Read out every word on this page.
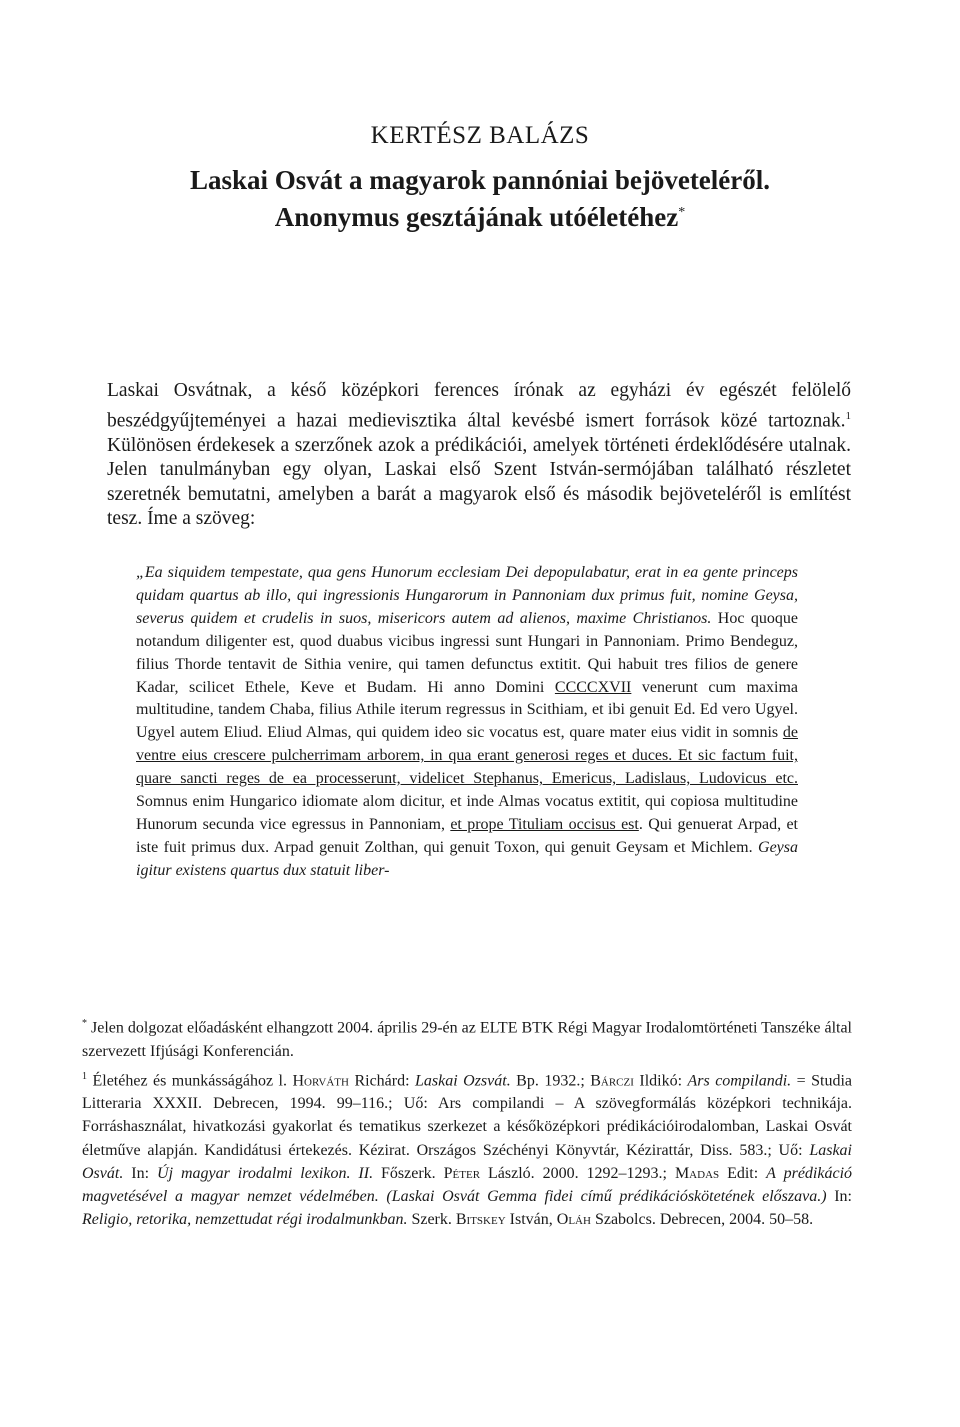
KERTÉSZ BALÁZS
Laskai Osvát a magyarok pannóniai bejöveteléről.
Anonymus gesztájának utóéletéhez*

Laskai Osvátnak, a késő középkori ferences írónak az egyházi év egészét felölelő beszédgyűjteményei a hazai medievisztika által kevésbé ismert források közé tartoznak.$^1$ Különösen érdekesek a szerzőnek azok a prédikációi, amelyek történeti érdeklődésére utalnak. Jelen tanulmányban egy olyan, Laskai első Szent István-sermójában található részletet szeretnék bemutatni, amelyben a barát a magyarok első és második bejöveteléről is említést tesz. Íme a szöveg:

„Ea siquidem tempestate, qua gens Hunorum ecclesiam Dei depopulabatur, erat in ea gente princeps quidam quartus ab illo, qui ingressionis Hungarorum in Pannoniam dux primus fuit, nomine Geysa, severus quidem et crudelis in suos, misericors autem ad alienos, maxime Christianos. Hoc quoque notandum diligenter est, quod duabus vicibus ingressi sunt Hungari in Pannoniam. Primo Bendeguz, filius Thorde tentavit de Sithia venire, qui tamen defunctus extitit. Qui habuit tres filios de genere Kadar, scilicet Ethele, Keve et Budam. Hi anno Domini CCCCXVII venerunt cum maxima multitudine, tandem Chaba, filius Athile iterum regressus in Scithiam, et ibi genuit Ed. Ed vero Ugyel. Ugyel autem Eliud. Eliud Almas, qui quidem ideo sic vocatus est, quare mater eius vidit in somnis de ventre eius crescere pulcherrimam arborem, in qua erant generosi reges et duces. Et sic factum fuit, quare sancti reges de ea processerunt, videlicet Stephanus, Emericus, Ladislaus, Ludovicus etc. Somnus enim Hungarico idiomate alom dicitur, et inde Almas vocatus extitit, qui copiosa multitudine Hunorum secunda vice egressus in Pannoniam, et prope Tituliam occisus est. Qui genuerat Arpad, et iste fuit primus dux. Arpad genuit Zolthan, qui genuit Toxon, qui genuit Geysam et Michlem. Geysa igitur existens quartus dux statuit liber-

* Jelen dolgozat előadásként elhangzott 2004. április 29-én az ELTE BTK Régi Magyar Irodalomtörténeti Tanszéke által szervezett Ifjúsági Konferencián.

$^1$ Életéhez és munkásságához l. Horváth Richárd: Laskai Ozsvát. Bp. 1932.; Bárczi Ildikó: Ars compilandi. = Studia Litteraria XXXII. Debrecen, 1994. 99–116.; Uő: Ars compilandi – A szövegformálás középkori technikája. Forráshasználat, hivatkozási gyakorlat és tematikus szerkezet a későközépkori prédikációirodalomban, Laskai Osvát életműve alapján. Kandidátusi értekezés. Kézirat. Országos Széchényi Könyvtár, Kézirattár, Diss. 583.; Uő: Laskai Osvát. In: Új magyar irodalmi lexikon. II. Főszerk. Péter László. 2000. 1292–1293.; Madas Edit: A prédikáció magvetésével a magyar nemzet védelmében. (Laskai Osvát Gemma fidei című prédikációskötetének előszava.) In: Religio, retorika, nemzettudat régi irodalmunkban. Szerk. Bitskey István, Oláh Szabolcs. Debrecen, 2004. 50–58.
